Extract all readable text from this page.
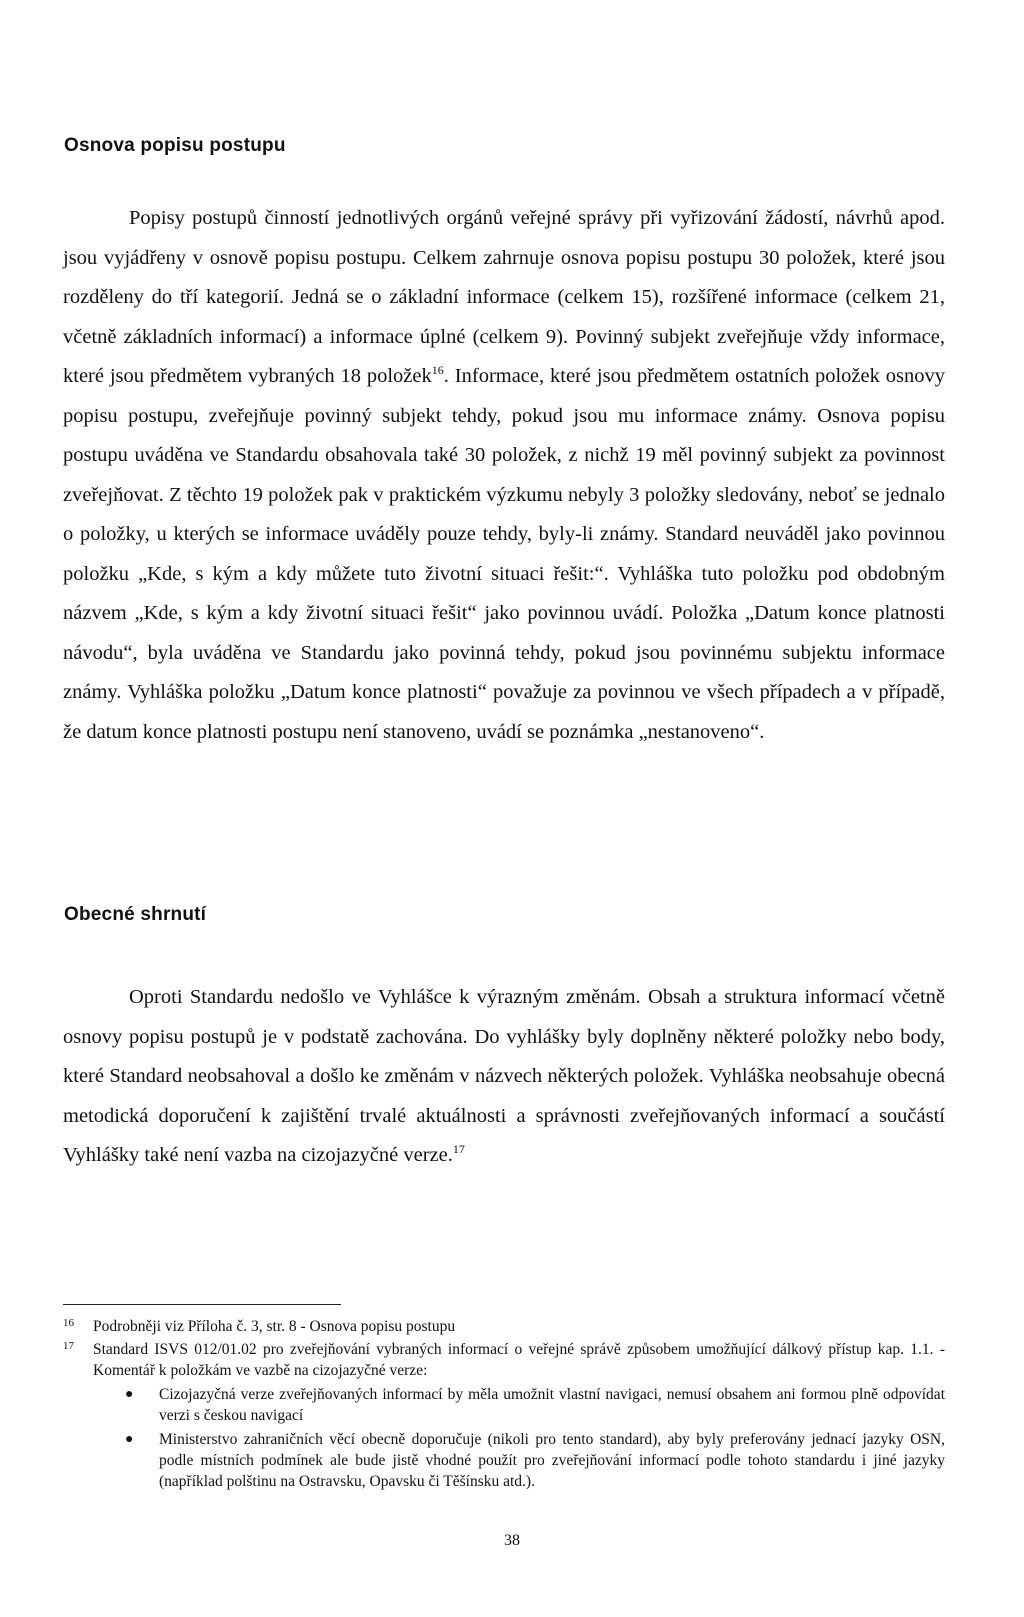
Osnova popisu postupu

Popisy postupů činností jednotlivých orgánů veřejné správy při vyřizování žádostí, návrhů apod. jsou vyjádřeny v osnově popisu postupu. Celkem zahrnuje osnova popisu postupu 30 položek, které jsou rozděleny do tří kategorií. Jedná se o základní informace (celkem 15), rozšířené informace (celkem 21, včetně základních informací) a informace úplné (celkem 9). Povinný subjekt zveřejňuje vždy informace, které jsou předmětem vybraných 18 položek$^{16}$. Informace, které jsou předmětem ostatních položek osnovy popisu postupu, zveřejňuje povinný subjekt tehdy, pokud jsou mu informace známy. Osnova popisu postupu uváděna ve Standardu obsahovala také 30 položek, z nichž 19 měl povinný subjekt za povinnost zveřejňovat. Z těchto 19 položek pak v praktickém výzkumu nebyly 3 položky sledovány, neboť se jednalo o položky, u kterých se informace uváděly pouze tehdy, byly-li známy. Standard neuváděl jako povinnou položku „Kde, s kým a kdy můžete tuto životní situaci řešit:“. Vyhláška tuto položku pod obdobným názvem „Kde, s kým a kdy životní situaci řešit“ jako povinnou uvádí. Položka „Datum konce platnosti návodu“, byla uváděna ve Standardu jako povinná tehdy, pokud jsou povinnému subjektu informace známy. Vyhláška položku „Datum konce platnosti“ považuje za povinnou ve všech případech a v případě, že datum konce platnosti postupu není stanoveno, uvádí se poznámka „nestanoveno“.

Obecné shrnutí

Oproti Standardu nedošlo ve Vyhlášce k výrazným změnám. Obsah a struktura informací včetně osnovy popisu postupů je v podstatě zachována. Do vyhlášky byly doplněny některé položky nebo body, které Standard neobsahoval a došlo ke změnám v názvech některých položek. Vyhláška neobsahuje obecná metodická doporučení k zajištění trvalé aktuálnosti a správnosti zveřejňovaných informací a součástí Vyhlášky také není vazba na cizojazyčné verze.$^{17}$

16	Podrobněji viz Příloha č. 3, str. 8 - Osnova popisu postupu
17	Standard ISVS 012/01.02 pro zveřejňování vybraných informací o veřejné správě způsobem umožňující dálkový přístup kap. 1.1. - Komentář k položkám ve vazbě na cizojazyčné verze:
●	Cizojazyčná verze zveřejňovaných informací by měla umožnit vlastní navigaci, nemusí obsahem ani formou plně odpovídat verzi s českou navigací
●	Ministerstvo zahraničních věcí obecně doporučuje (nikoli pro tento standard), aby byly preferovány jednací jazyky OSN, podle místních podmínek ale bude jistě vhodné použít pro zveřejňování informací podle tohoto standardu i jiné jazyky (například polštinu na Ostravsku, Opavsku či Těšínsku atd.).
38
